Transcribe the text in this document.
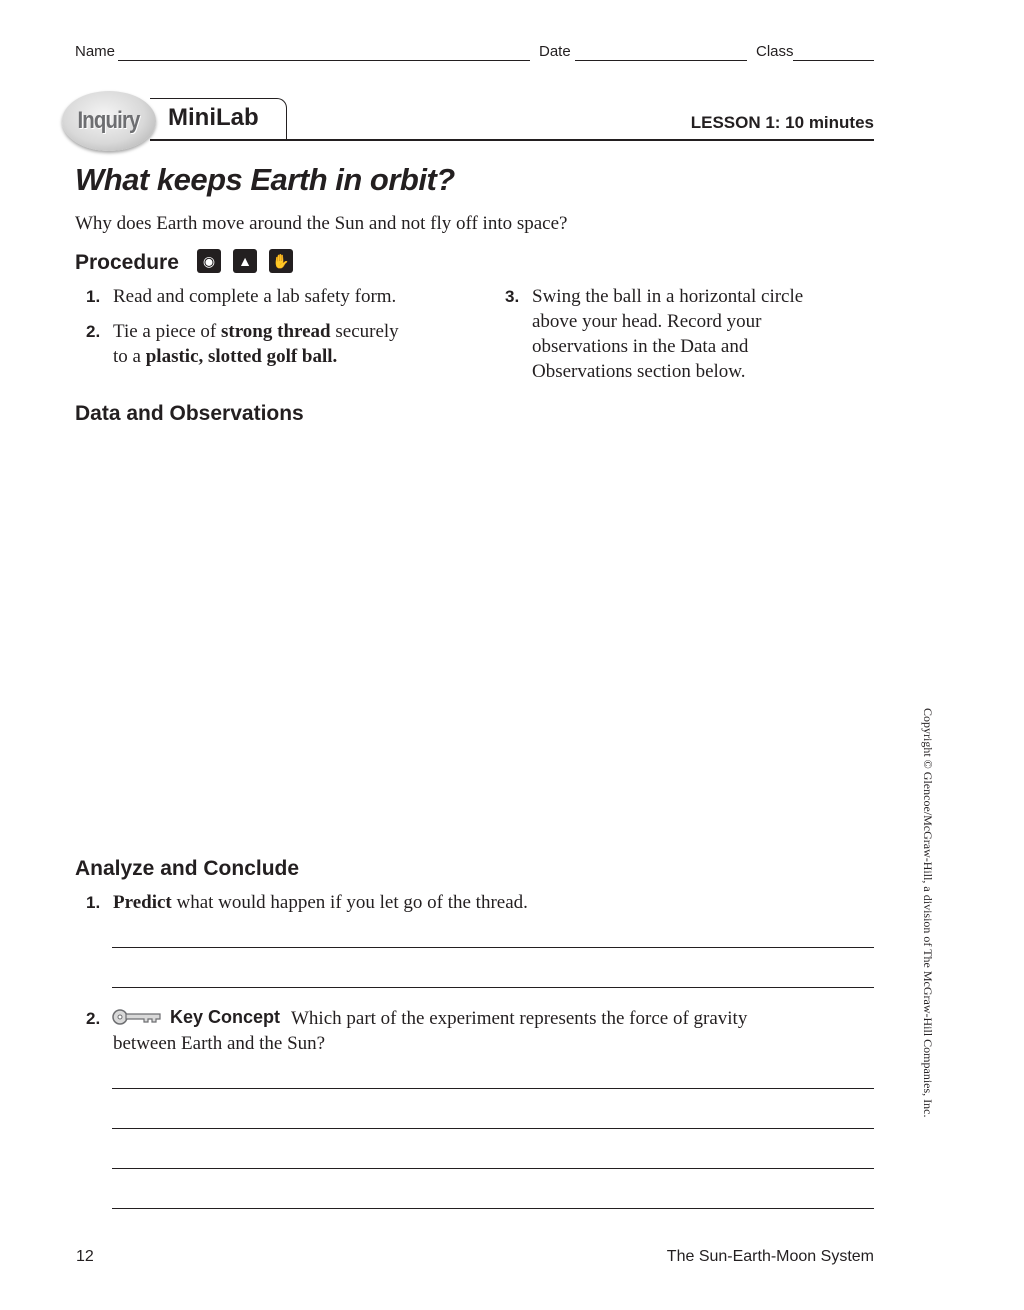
Name	Date	Class
Inquiry MiniLab	LESSON 1: 10 minutes
What keeps Earth in orbit?
Why does Earth move around the Sun and not fly off into space?
Procedure	◉	▲	✋
1. Read and complete a lab safety form.
2. Tie a piece of strong thread securely
to a plastic, slotted golf ball.
3. Swing the ball in a horizontal circle
above your head. Record your
observations in the Data and
Observations section below.
Data and Observations
Analyze and Conclude
1. Predict what would happen if you let go of the thread.
2.	Key Concept Which part of the experiment represents the force of gravity
between Earth and the Sun?	Copyright © Glencoe/McGraw-Hill, a division of The McGraw-Hill Companies, Inc.
12	The Sun-Earth-Moon System
